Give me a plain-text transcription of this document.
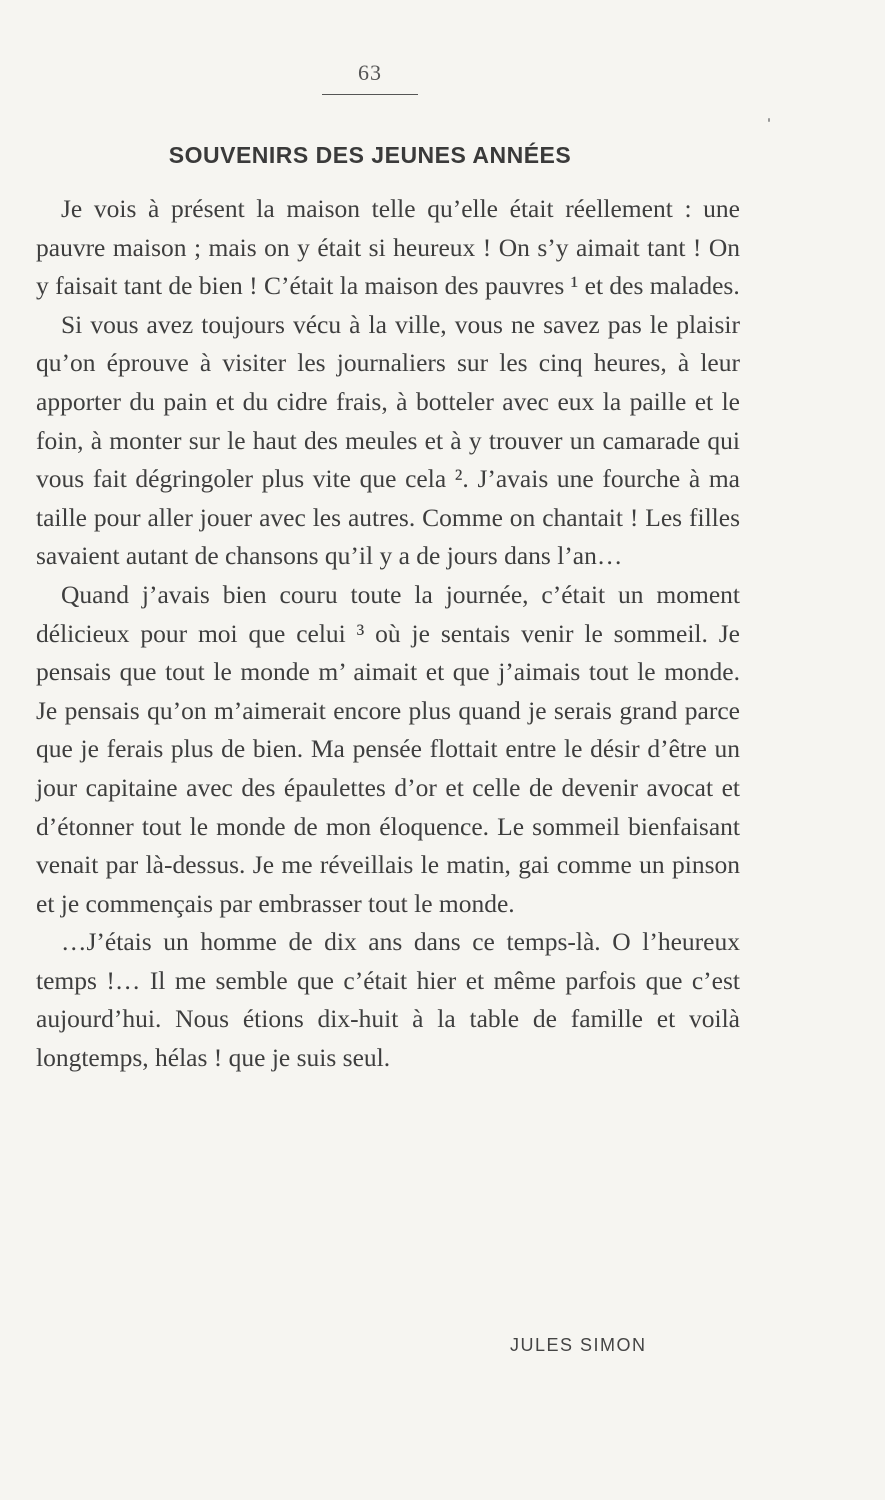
63
SOUVENIRS DES JEUNES ANNÉES

Je vois à présent la maison telle qu’elle était réellement : une pauvre maison ; mais on y était si heureux ! On s’y aimait tant ! On y faisait tant de bien ! C’était la maison des pauvres ¹ et des malades.

Si vous avez toujours vécu à la ville, vous ne savez pas le plaisir qu’on éprouve à visiter les journaliers sur les cinq heures, à leur apporter du pain et du cidre frais, à botteler avec eux la paille et le foin, à monter sur le haut des meules et à y trouver un camarade qui vous fait dégringoler plus vite que cela ². J’avais une fourche à ma taille pour aller jouer avec les autres. Comme on chantait ! Les filles savaient autant de chansons qu’il y a de jours dans l’an…

Quand j’avais bien couru toute la journée, c’était un moment délicieux pour moi que celui ³ où je sentais venir le sommeil. Je pensais que tout le monde m’ aimait et que j’aimais tout le monde. Je pensais qu’on m’aimerait encore plus quand je serais grand parce que je ferais plus de bien. Ma pensée flottait entre le désir d’être un jour capitaine avec des épaulettes d’or et celle de devenir avocat et d’étonner tout le monde de mon éloquence. Le sommeil bienfaisant venait par là-dessus. Je me réveillais le matin, gai comme un pinson et je commençais par embrasser tout le monde.

…J’étais un homme de dix ans dans ce temps-là. O l’heureux temps !… Il me semble que c’était hier et même parfois que c’est aujourd’hui. Nous étions dix-huit à la table de famille et voilà longtemps, hélas ! que je suis seul.

JULES SIMON
